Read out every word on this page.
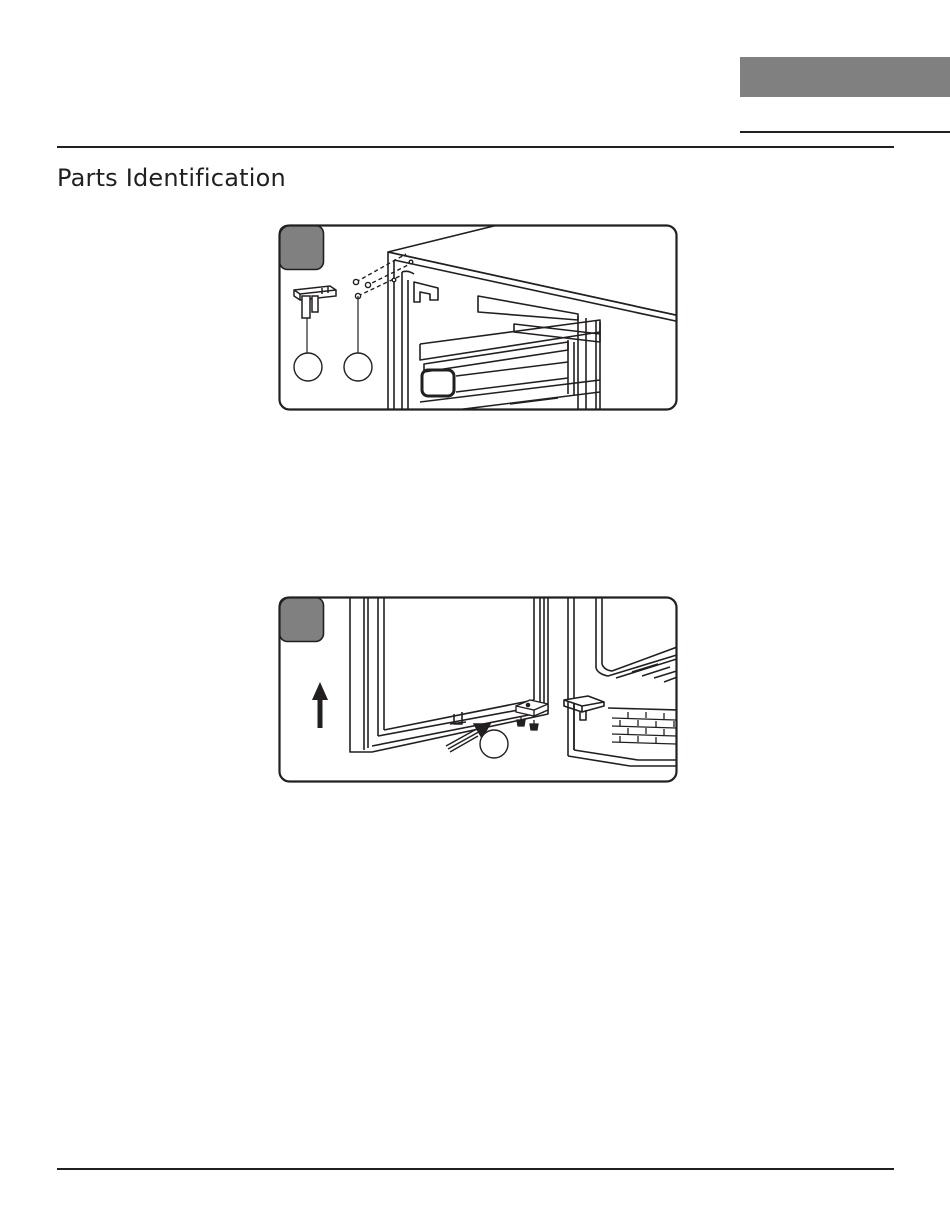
Parts Identification
